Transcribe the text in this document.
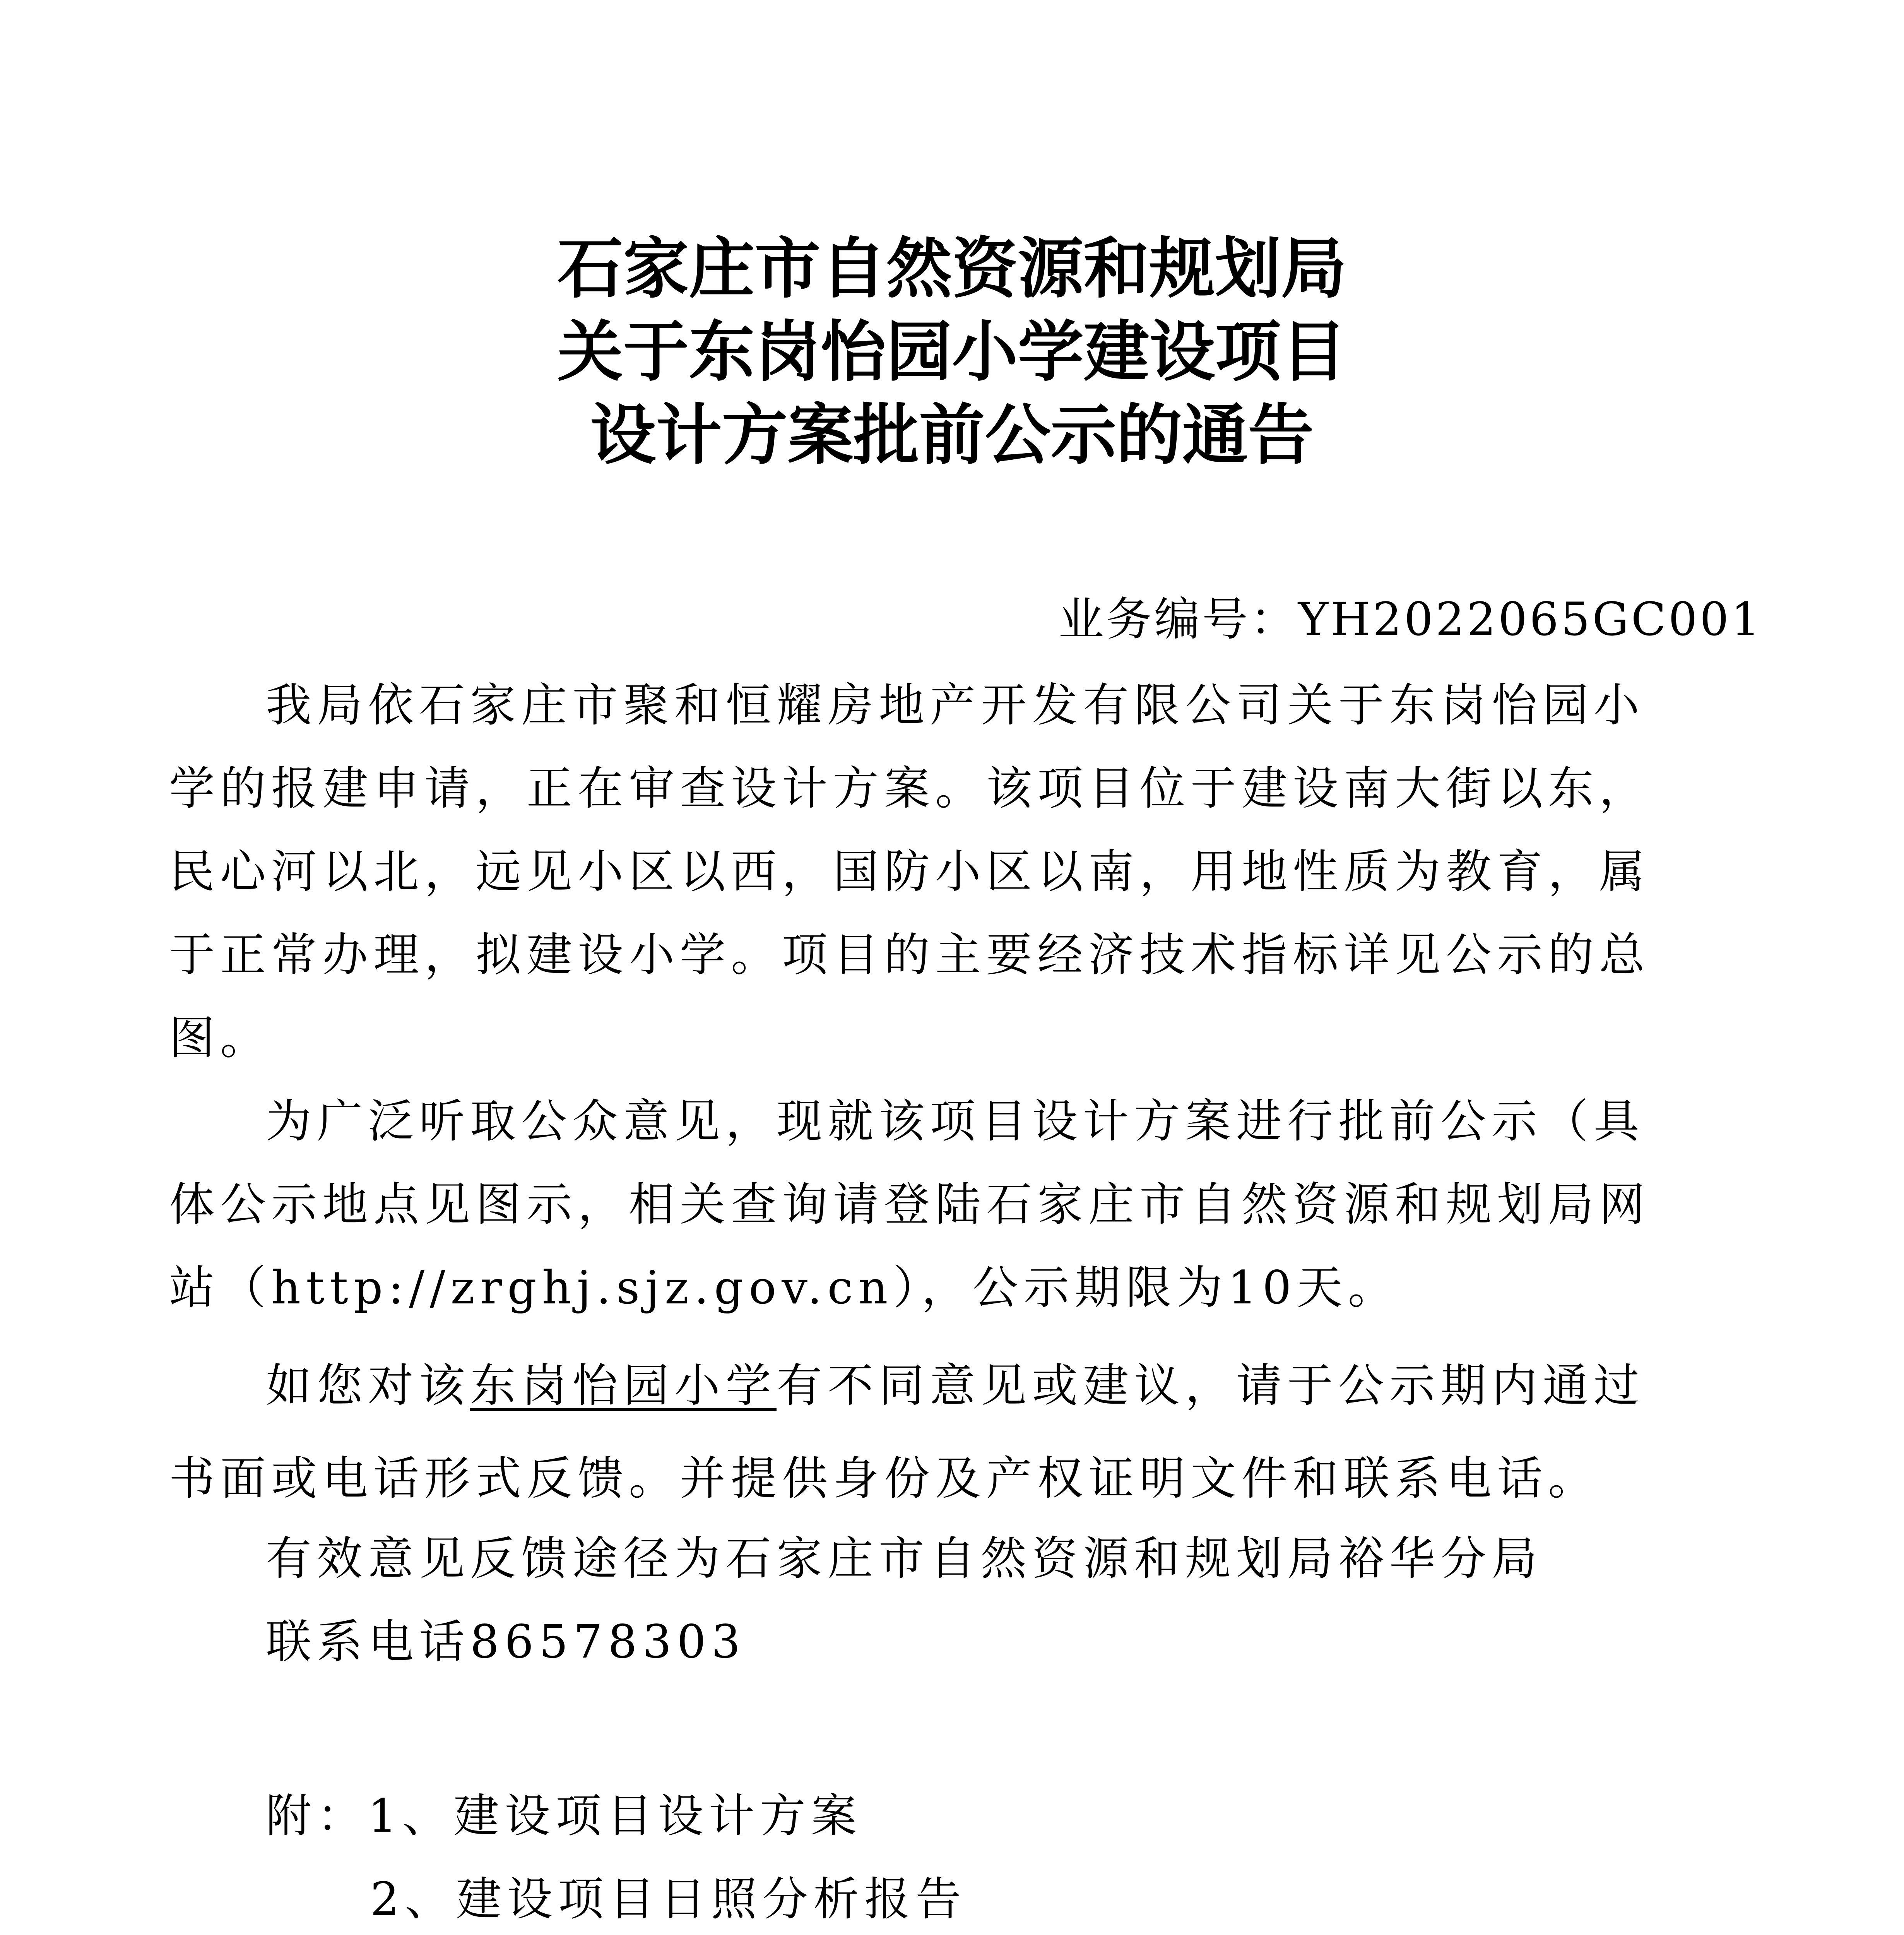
石家庄市自然资源和规划局
关于东岗怡园小学建设项目
设计方案批前公示的通告
业务编号：YH2022065GC001
我局依石家庄市聚和恒耀房地产开发有限公司关于东岗怡园小
学的报建申请，正在审查设计方案。该项目位于建设南大街以东，
民心河以北，远见小区以西，国防小区以南，用地性质为教育，属
于正常办理，拟建设小学。项目的主要经济技术指标详见公示的总
图。
为广泛听取公众意见，现就该项目设计方案进行批前公示（具
体公示地点见图示，相关查询请登陆石家庄市自然资源和规划局网
站（http://zrghj.sjz.gov.cn），公示期限为10天。
如您对该东岗怡园小学有不同意见或建议，请于公示期内通过
书面或电话形式反馈。并提供身份及产权证明文件和联系电话。
有效意见反馈途径为石家庄市自然资源和规划局裕华分局
联系电话86578303
附：1、建设项目设计方案
2、建设项目日照分析报告
